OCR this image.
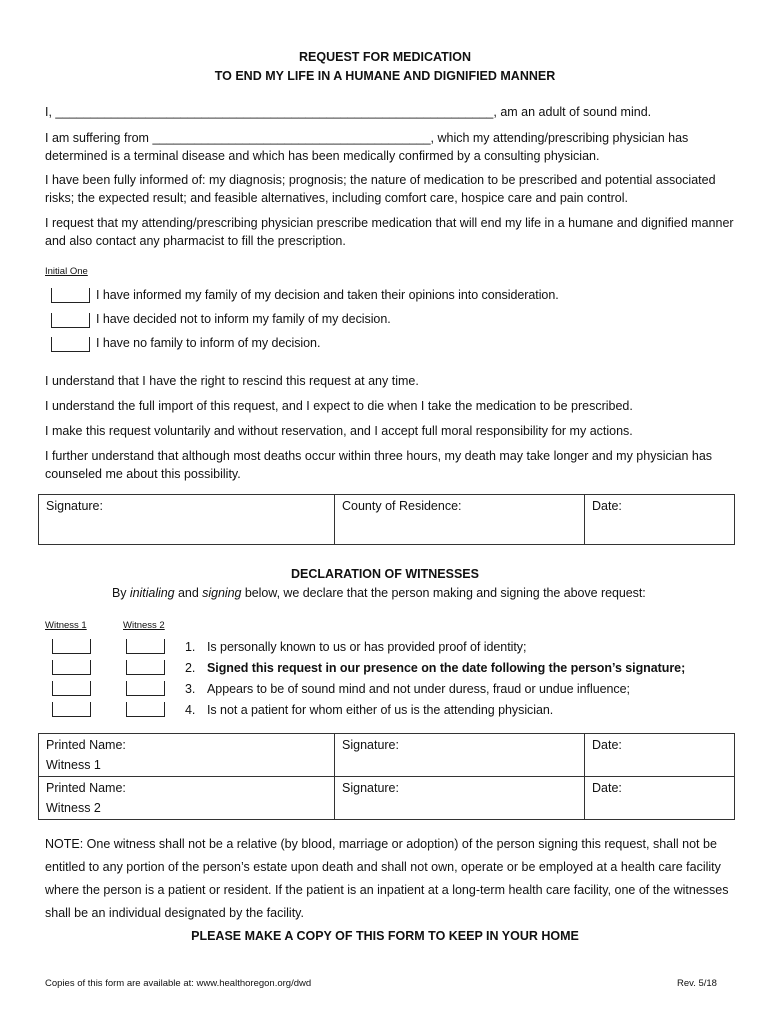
REQUEST FOR MEDICATION
TO END MY LIFE IN A HUMANE AND DIGNIFIED MANNER
I, _______________________________________________________________, am an adult of sound mind.
I am suffering from ________________________________________, which my attending/prescribing physician has determined is a terminal disease and which has been medically confirmed by a consulting physician.
I have been fully informed of: my diagnosis; prognosis; the nature of medication to be prescribed and potential associated risks; the expected result; and feasible alternatives, including comfort care, hospice care and pain control.
I request that my attending/prescribing physician prescribe medication that will end my life in a humane and dignified manner and also contact any pharmacist to fill the prescription.
Initial One
I have informed my family of my decision and taken their opinions into consideration.
I have decided not to inform my family of my decision.
I have no family to inform of my decision.
I understand that I have the right to rescind this request at any time.
I understand the full import of this request, and I expect to die when I take the medication to be prescribed.
I make this request voluntarily and without reservation, and I accept full moral responsibility for my actions.
I further understand that although most deaths occur within three hours, my death may take longer and my physician has counseled me about this possibility.
Signature:	County of Residence:	Date:
DECLARATION OF WITNESSES
By initialing and signing below, we declare that the person making and signing the above request:
Witness 1	Witness 2
1. Is personally known to us or has provided proof of identity;
2. Signed this request in our presence on the date following the person’s signature;
3. Appears to be of sound mind and not under duress, fraud or undue influence;
4. Is not a patient for whom either of us is the attending physician.
Printed Name:
Witness 1	Signature:	Date:

Printed Name:
Witness 2	Signature:	Date:
NOTE: One witness shall not be a relative (by blood, marriage or adoption) of the person signing this request, shall not be entitled to any portion of the person’s estate upon death and shall not own, operate or be employed at a health care facility where the person is a patient or resident. If the patient is an inpatient at a long-term health care facility, one of the witnesses shall be an individual designated by the facility.
PLEASE MAKE A COPY OF THIS FORM TO KEEP IN YOUR HOME
Copies of this form are available at: www.healthoregon.org/dwd	Rev. 5/18
